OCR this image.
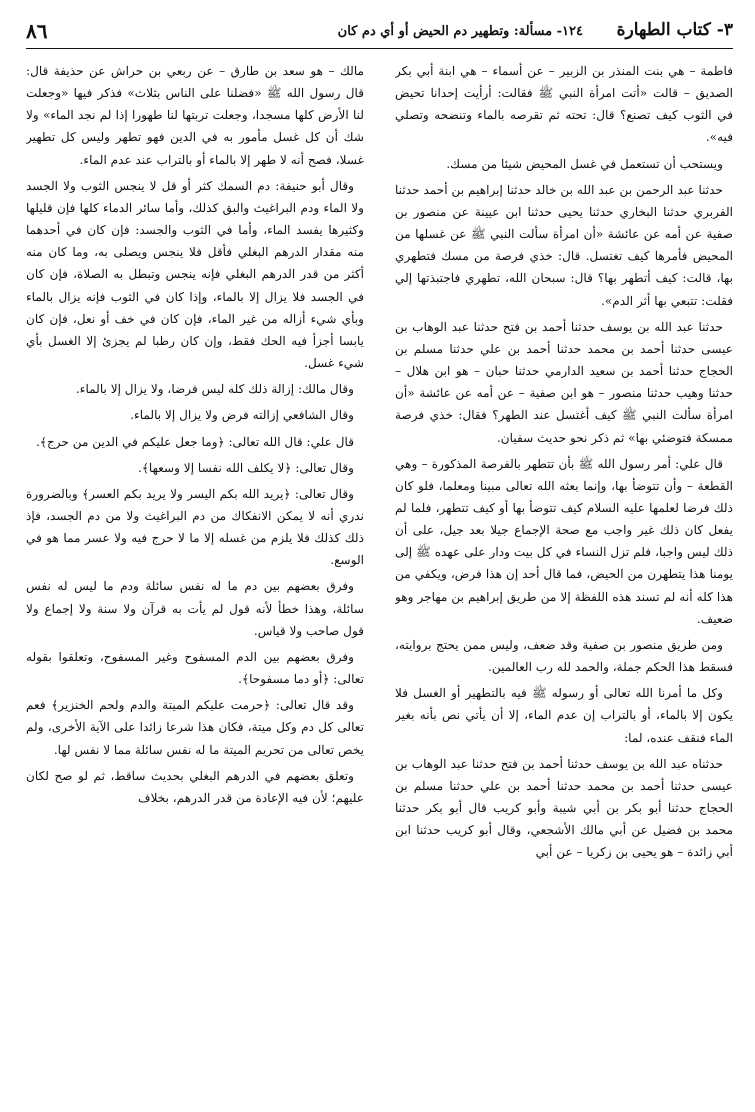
٣- كتاب الطهارة
١٢٤- مسألة: وتطهير دم الحيض أو أي دم كان
٨٦

فاطمة – هي بنت المنذر بن الزبير – عن أسماء – هي ابنة أبي بكر الصديق – قالت «أتت امرأة النبي ﷺ فقالت: أرأيت إحدانا تحيض في الثوب كيف تصنع؟ قال: تحته ثم تقرصه بالماء وتنضحه وتصلي فيه».

ويستحب أن تستعمل في غسل المحيض شيئا من مسك.

حدثنا عبد الرحمن بن عبد الله بن خالد حدثنا إبراهيم بن أحمد حدثنا الفربري حدثنا البخاري حدثنا يحيى حدثنا ابن عيينة عن منصور بن صفية عن أمه عن عائشة «أن امرأة سألت النبي ﷺ عن غسلها من المحيض فأمرها كيف تغتسل. قال: خذي فرصة من مسك فتطهري بها، قالت: كيف أتطهر بها؟ قال: سبحان الله، تطهري فاجتبذتها إلي فقلت: تتبعي بها أثر الدم».

حدثنا عبد الله بن يوسف حدثنا أحمد بن فتح حدثنا عبد الوهاب بن عيسى حدثنا أحمد بن محمد حدثنا أحمد بن علي حدثنا مسلم بن الحجاج حدثنا أحمد بن سعيد الدارمي حدثنا حبان – هو ابن هلال – حدثنا وهيب حدثنا منصور – هو ابن صفية – عن أمه عن عائشة «أن امرأة سألت النبي ﷺ كيف أغتسل عند الطهر؟ فقال: خذي فرصة ممسكة فتوضئي بها» ثم ذكر نحو حديث سفيان.

قال علي: أمر رسول الله ﷺ بأن تتطهر بالفرصة المذكورة – وهي القطعة – وأن تتوضأ بها، وإنما بعثه الله تعالى مبينا ومعلما، فلو كان ذلك فرضا لعلمها عليه السلام كيف تتوضأ بها أو كيف تتطهر، فلما لم يفعل كان ذلك غير واجب مع صحة الإجماع جيلا بعد جيل، على أن ذلك ليس واجبا، فلم تزل النساء في كل بيت ودار على عهده ﷺ إلى يومنا هذا يتطهرن من الحيض، فما قال أحد إن هذا فرض، ويكفي من هذا كله أنه لم تسند هذه اللفظة إلا من طريق إبراهيم بن مهاجر وهو ضعيف.

ومن طريق منصور بن صفية وقد ضعف، وليس ممن يحتج بروايته، فسقط هذا الحكم جملة، والحمد لله رب العالمين.

وكل ما أمرنا الله تعالى أو رسوله ﷺ فيه بالتطهير أو الغسل فلا يكون إلا بالماء، أو بالتراب إن عدم الماء، إلا أن يأتي نص بأنه بغير الماء فنقف عنده، لما:

حدثناه عبد الله بن يوسف حدثنا أحمد بن فتح حدثنا عبد الوهاب بن عيسى حدثنا أحمد بن محمد حدثنا أحمد بن علي حدثنا مسلم بن الحجاج حدثنا أبو بكر بن أبي شيبة وأبو كريب قال أبو بكر حدثنا محمد بن فضيل عن أبي مالك الأشجعي، وقال أبو كريب حدثنا ابن أبي زائدة – هو يحيى بن زكريا – عن أبي

مالك – هو سعد بن طارق – عن ربعي بن حراش عن حذيفة قال: قال رسول الله ﷺ «فضلنا على الناس بثلاث» فذكر فيها «وجعلت لنا الأرض كلها مسجدا، وجعلت تربتها لنا طهورا إذا لم نجد الماء» ولا شك أن كل غسل مأمور به في الدين فهو تطهر وليس كل تطهير غسلا، فصح أنه لا طهر إلا بالماء أو بالتراب عند عدم الماء.

وقال أبو حنيفة: دم السمك كثر أو قل لا ينجس الثوب ولا الجسد ولا الماء ودم البراغيث والبق كذلك، وأما سائر الدماء كلها فإن قليلها وكثيرها يفسد الماء، وأما في الثوب والجسد: فإن كان في أحدهما منه مقدار الدرهم البغلي فأقل فلا ينجس ويصلى به، وما كان منه أكثر من قدر الدرهم البغلي فإنه ينجس وتبطل به الصلاة، فإن كان في الجسد فلا يزال إلا بالماء، وإذا كان في الثوب فإنه يزال بالماء وبأي شيء أزاله من غير الماء، فإن كان في خف أو نعل، فإن كان يابسا أجزأ فيه الحك فقط، وإن كان رطبا لم يجزئ إلا الغسل بأي شيء غسل.

وقال مالك: إزالة ذلك كله ليس فرضا، ولا يزال إلا بالماء.

وقال الشافعي إزالته فرض ولا يزال إلا بالماء.

قال علي: قال الله تعالى: ﴿وما جعل عليكم في الدين من حرج﴾.

وقال تعالى: ﴿لا يكلف الله نفسا إلا وسعها﴾.

وقال تعالى: ﴿يريد الله بكم اليسر ولا يريد بكم العسر﴾ وبالضرورة ندري أنه لا يمكن الانفكاك من دم البراغيث ولا من دم الجسد، فإذ ذلك كذلك فلا يلزم من غسله إلا ما لا حرج فيه ولا عسر مما هو في الوسع.

وفرق بعضهم بين دم ما له نفس سائلة ودم ما ليس له نفس سائلة، وهذا خطأ لأنه قول لم يأت به قرآن ولا سنة ولا إجماع ولا قول صاحب ولا قياس.

وفرق بعضهم بين الدم المسفوح وغير المسفوح، وتعلقوا بقوله تعالى: ﴿أو دما مسفوحا﴾.

وقد قال تعالى: ﴿حرمت عليكم الميتة والدم ولحم الخنزير﴾ فعم تعالى كل دم وكل ميتة، فكان هذا شرعا زائدا على الآية الأخرى، ولم يخص تعالى من تحريم الميتة ما له نفس سائلة مما لا نفس لها.

وتعلق بعضهم في الدرهم البغلي بحديث ساقط، ثم لو صح لكان عليهم؛ لأن فيه الإعادة من قدر الدرهم، بخلاف
